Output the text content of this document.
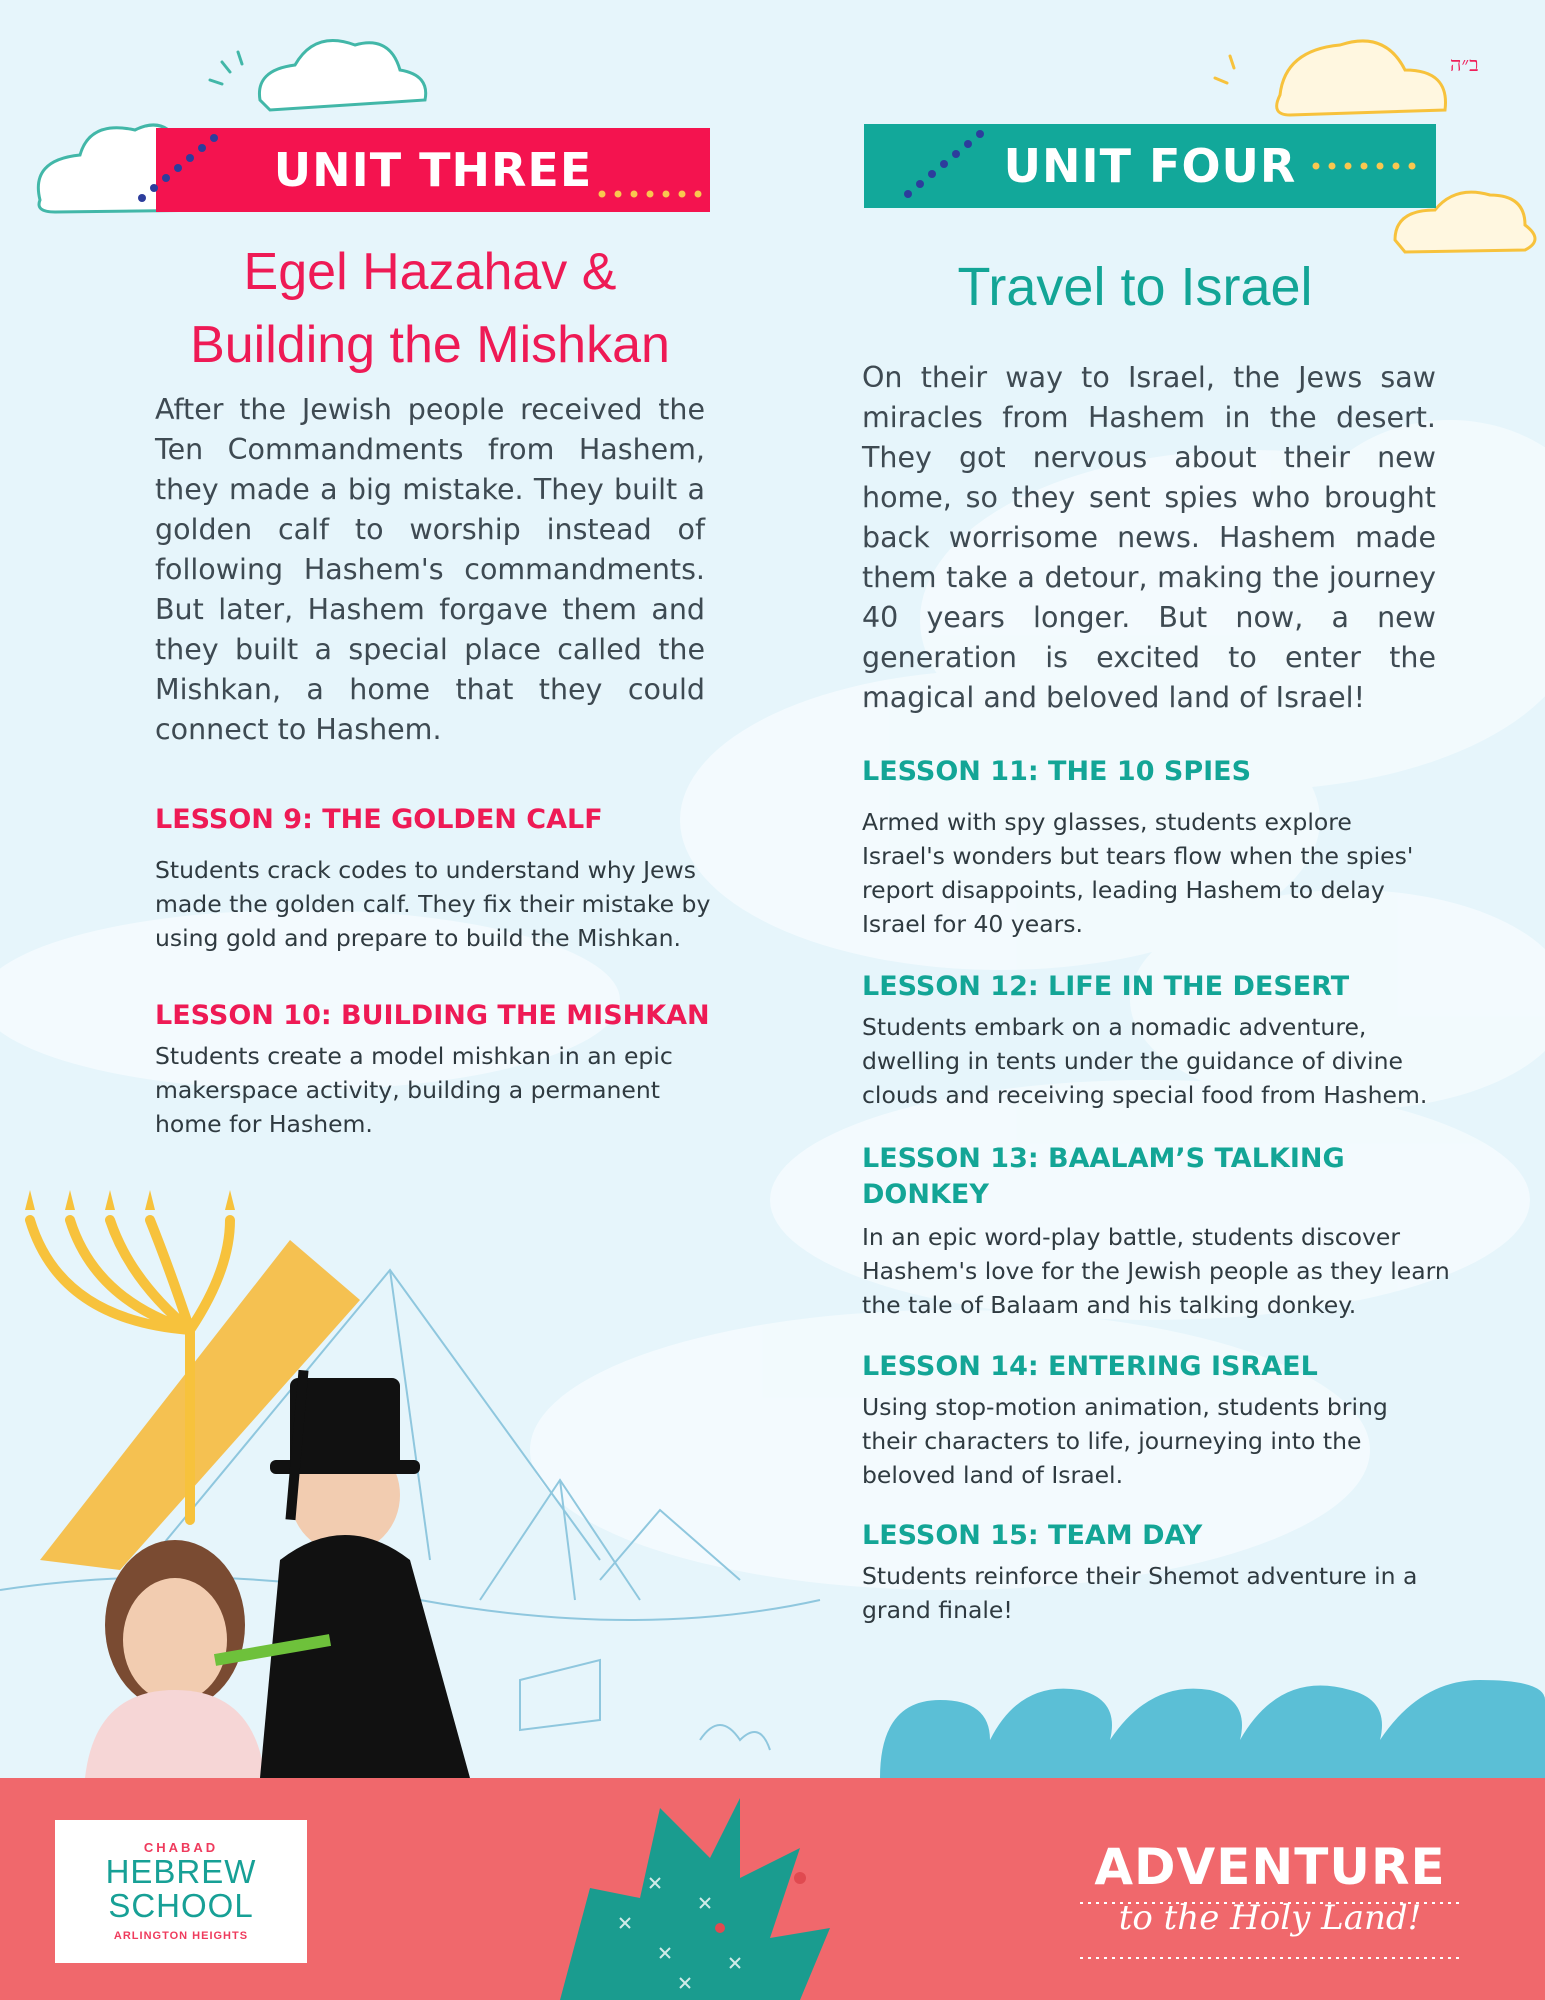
ב״ה
UNIT THREE	UNIT FOUR
Egel Hazahav &
Building the Mishkan
After the Jewish people received the Ten Commandments from Hashem, they made a big mistake. They built a golden calf to worship instead of following Hashem's commandments. But later, Hashem forgave them and they built a special place called the Mishkan, a home that they could connect to Hashem.
LESSON 9: THE GOLDEN CALF
Students crack codes to understand why Jews made the golden calf. They fix their mistake by using gold and prepare to build the Mishkan.
LESSON 10: BUILDING THE MISHKAN
Students create a model mishkan in an epic makerspace activity, building a permanent home for Hashem.
Travel to Israel
On their way to Israel, the Jews saw miracles from Hashem in the desert. They got nervous about their new home, so they sent spies who brought back worrisome news. Hashem made them take a detour, making the journey 40 years longer. But now, a new generation is excited to enter the magical and beloved land of Israel!
LESSON 11: THE 10 SPIES
Armed with spy glasses, students explore Israel's wonders but tears flow when the spies' report disappoints, leading Hashem to delay Israel for 40 years.
LESSON 12: LIFE IN THE DESERT
Students embark on a nomadic adventure, dwelling in tents under the guidance of divine clouds and receiving special food from Hashem.
LESSON 13: BAALAM’S TALKING
DONKEY
In an epic word-play battle, students discover Hashem's love for the Jewish people as they learn the tale of Balaam and his talking donkey.
LESSON 14: ENTERING ISRAEL
Using stop-motion animation, students bring their characters to life, journeying into the beloved land of Israel.
LESSON 15: TEAM DAY
Students reinforce their Shemot adventure in a grand finale!
CHABAD
HEBREW
SCHOOL
ARLINGTON HEIGHTS
ADVENTURE
to the Holy Land!
